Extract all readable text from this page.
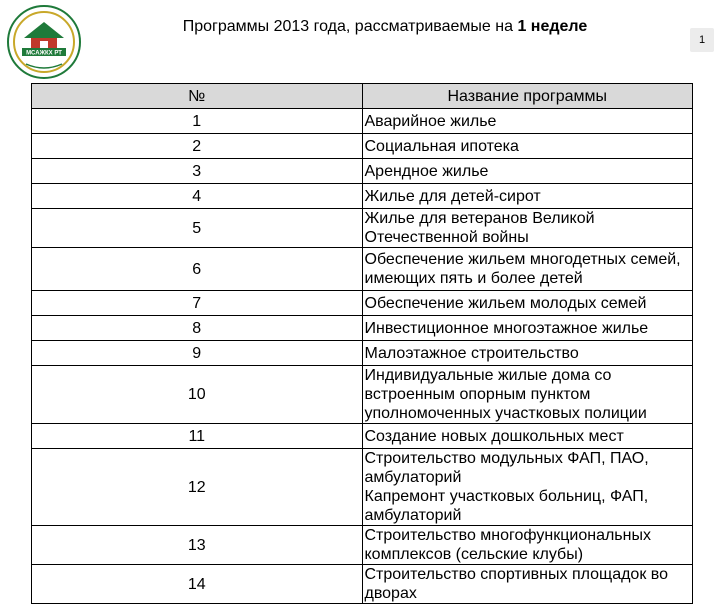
МСАЖКХ РТ
Программы 2013 года, рассматриваемые на 1 неделе
1
№	Название программы
1	Аварийное жилье

2	Социальная ипотека

3	Арендное жилье

4	Жилье для детей-сирот

5	Жилье для ветеранов Великой Отечественной войны

6	Обеспечение жильем многодетных семей, имеющих пять и более детей

7	Обеспечение жильем молодых семей

8	Инвестиционное многоэтажное жилье

9	Малоэтажное строительство

10	Индивидуальные жилые дома со встроенным опорным пунктом уполномоченных участковых полиции

11	Создание новых дошкольных мест

12	Строительство модульных ФАП, ПАО, амбулаторий
Капремонт участковых больниц, ФАП, амбулаторий

13	Строительство многофункциональных комплексов (сельские клубы)

14	Строительство спортивных площадок во дворах
